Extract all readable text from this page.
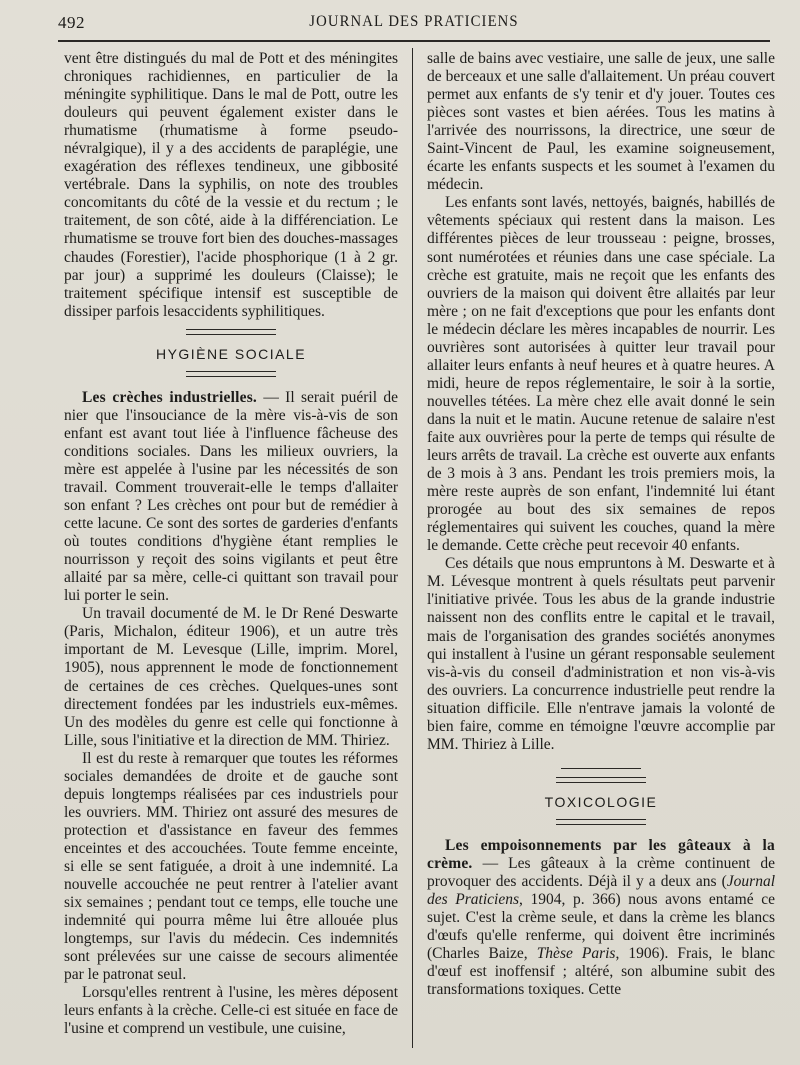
492	JOURNAL DES PRATICIENS

vent être distingués du mal de Pott et des méningites chroniques rachidiennes, en particulier de la méningite syphilitique. Dans le mal de Pott, outre les douleurs qui peuvent également exister dans le rhumatisme (rhumatisme à forme pseudo-névralgique), il y a des accidents de paraplégie, une exagération des réflexes tendineux, une gibbosité vertébrale. Dans la syphilis, on note des troubles concomitants du côté de la vessie et du rectum ; le traitement, de son côté, aide à la différenciation. Le rhumatisme se trouve fort bien des douches-massages chaudes (Forestier), l'acide phosphorique (1 à 2 gr. par jour) a supprimé les douleurs (Claisse); le traitement spécifique intensif est susceptible de dissiper parfois lesaccidents syphilitiques.

HYGIÈNE SOCIALE

Les crèches industrielles. — Il serait puéril de nier que l'insouciance de la mère vis-à-vis de son enfant est avant tout liée à l'influence fâcheuse des conditions sociales. Dans les milieux ouvriers, la mère est appelée à l'usine par les nécessités de son travail. Comment trouverait-elle le temps d'allaiter son enfant ? Les crèches ont pour but de remédier à cette lacune. Ce sont des sortes de garderies d'enfants où toutes conditions d'hygiène étant remplies le nourrisson y reçoit des soins vigilants et peut être allaité par sa mère, celle-ci quittant son travail pour lui porter le sein.

Un travail documenté de M. le Dr René Deswarte (Paris, Michalon, éditeur 1906), et un autre très important de M. Levesque (Lille, imprim. Morel, 1905), nous apprennent le mode de fonctionnement de certaines de ces crèches. Quelques-unes sont directement fondées par les industriels eux-mêmes. Un des modèles du genre est celle qui fonctionne à Lille, sous l'initiative et la direction de MM. Thiriez.

Il est du reste à remarquer que toutes les réformes sociales demandées de droite et de gauche sont depuis longtemps réalisées par ces industriels pour les ouvriers. MM. Thiriez ont assuré des mesures de protection et d'assistance en faveur des femmes enceintes et des accouchées. Toute femme enceinte, si elle se sent fatiguée, a droit à une indemnité. La nouvelle accouchée ne peut rentrer à l'atelier avant six semaines ; pendant tout ce temps, elle touche une indemnité qui pourra même lui être allouée plus longtemps, sur l'avis du médecin. Ces indemnités sont prélevées sur une caisse de secours alimentée par le patronat seul.

Lorsqu'elles rentrent à l'usine, les mères déposent leurs enfants à la crèche. Celle-ci est située en face de l'usine et comprend un vestibule, une cuisine,

salle de bains avec vestiaire, une salle de jeux, une salle de berceaux et une salle d'allaitement. Un préau couvert permet aux enfants de s'y tenir et d'y jouer. Toutes ces pièces sont vastes et bien aérées. Tous les matins à l'arrivée des nourrissons, la directrice, une sœur de Saint-Vincent de Paul, les examine soigneusement, écarte les enfants suspects et les soumet à l'examen du médecin.

Les enfants sont lavés, nettoyés, baignés, habillés de vêtements spéciaux qui restent dans la maison. Les différentes pièces de leur trousseau : peigne, brosses, sont numérotées et réunies dans une case spéciale. La crèche est gratuite, mais ne reçoit que les enfants des ouvriers de la maison qui doivent être allaités par leur mère ; on ne fait d'exceptions que pour les enfants dont le médecin déclare les mères incapables de nourrir. Les ouvrières sont autorisées à quitter leur travail pour allaiter leurs enfants à neuf heures et à quatre heures. A midi, heure de repos réglementaire, le soir à la sortie, nouvelles tétées. La mère chez elle avait donné le sein dans la nuit et le matin. Aucune retenue de salaire n'est faite aux ouvrières pour la perte de temps qui résulte de leurs arrêts de travail. La crèche est ouverte aux enfants de 3 mois à 3 ans. Pendant les trois premiers mois, la mère reste auprès de son enfant, l'indemnité lui étant prorogée au bout des six semaines de repos réglementaires qui suivent les couches, quand la mère le demande. Cette crèche peut recevoir 40 enfants.

Ces détails que nous empruntons à M. Deswarte et à M. Lévesque montrent à quels résultats peut parvenir l'initiative privée. Tous les abus de la grande industrie naissent non des conflits entre le capital et le travail, mais de l'organisation des grandes sociétés anonymes qui installent à l'usine un gérant responsable seulement vis-à-vis du conseil d'administration et non vis-à-vis des ouvriers. La concurrence industrielle peut rendre la situation difficile. Elle n'entrave jamais la volonté de bien faire, comme en témoigne l'œuvre accomplie par MM. Thiriez à Lille.

TOXICOLOGIE

Les empoisonnements par les gâteaux à la crème. — Les gâteaux à la crème continuent de provoquer des accidents. Déjà il y a deux ans (Journal des Praticiens, 1904, p. 366) nous avons entamé ce sujet. C'est la crème seule, et dans la crème les blancs d'œufs qu'elle renferme, qui doivent être incriminés (Charles Baize, Thèse Paris, 1906). Frais, le blanc d'œuf est inoffensif ; altéré, son albumine subit des transformations toxiques. Cette
